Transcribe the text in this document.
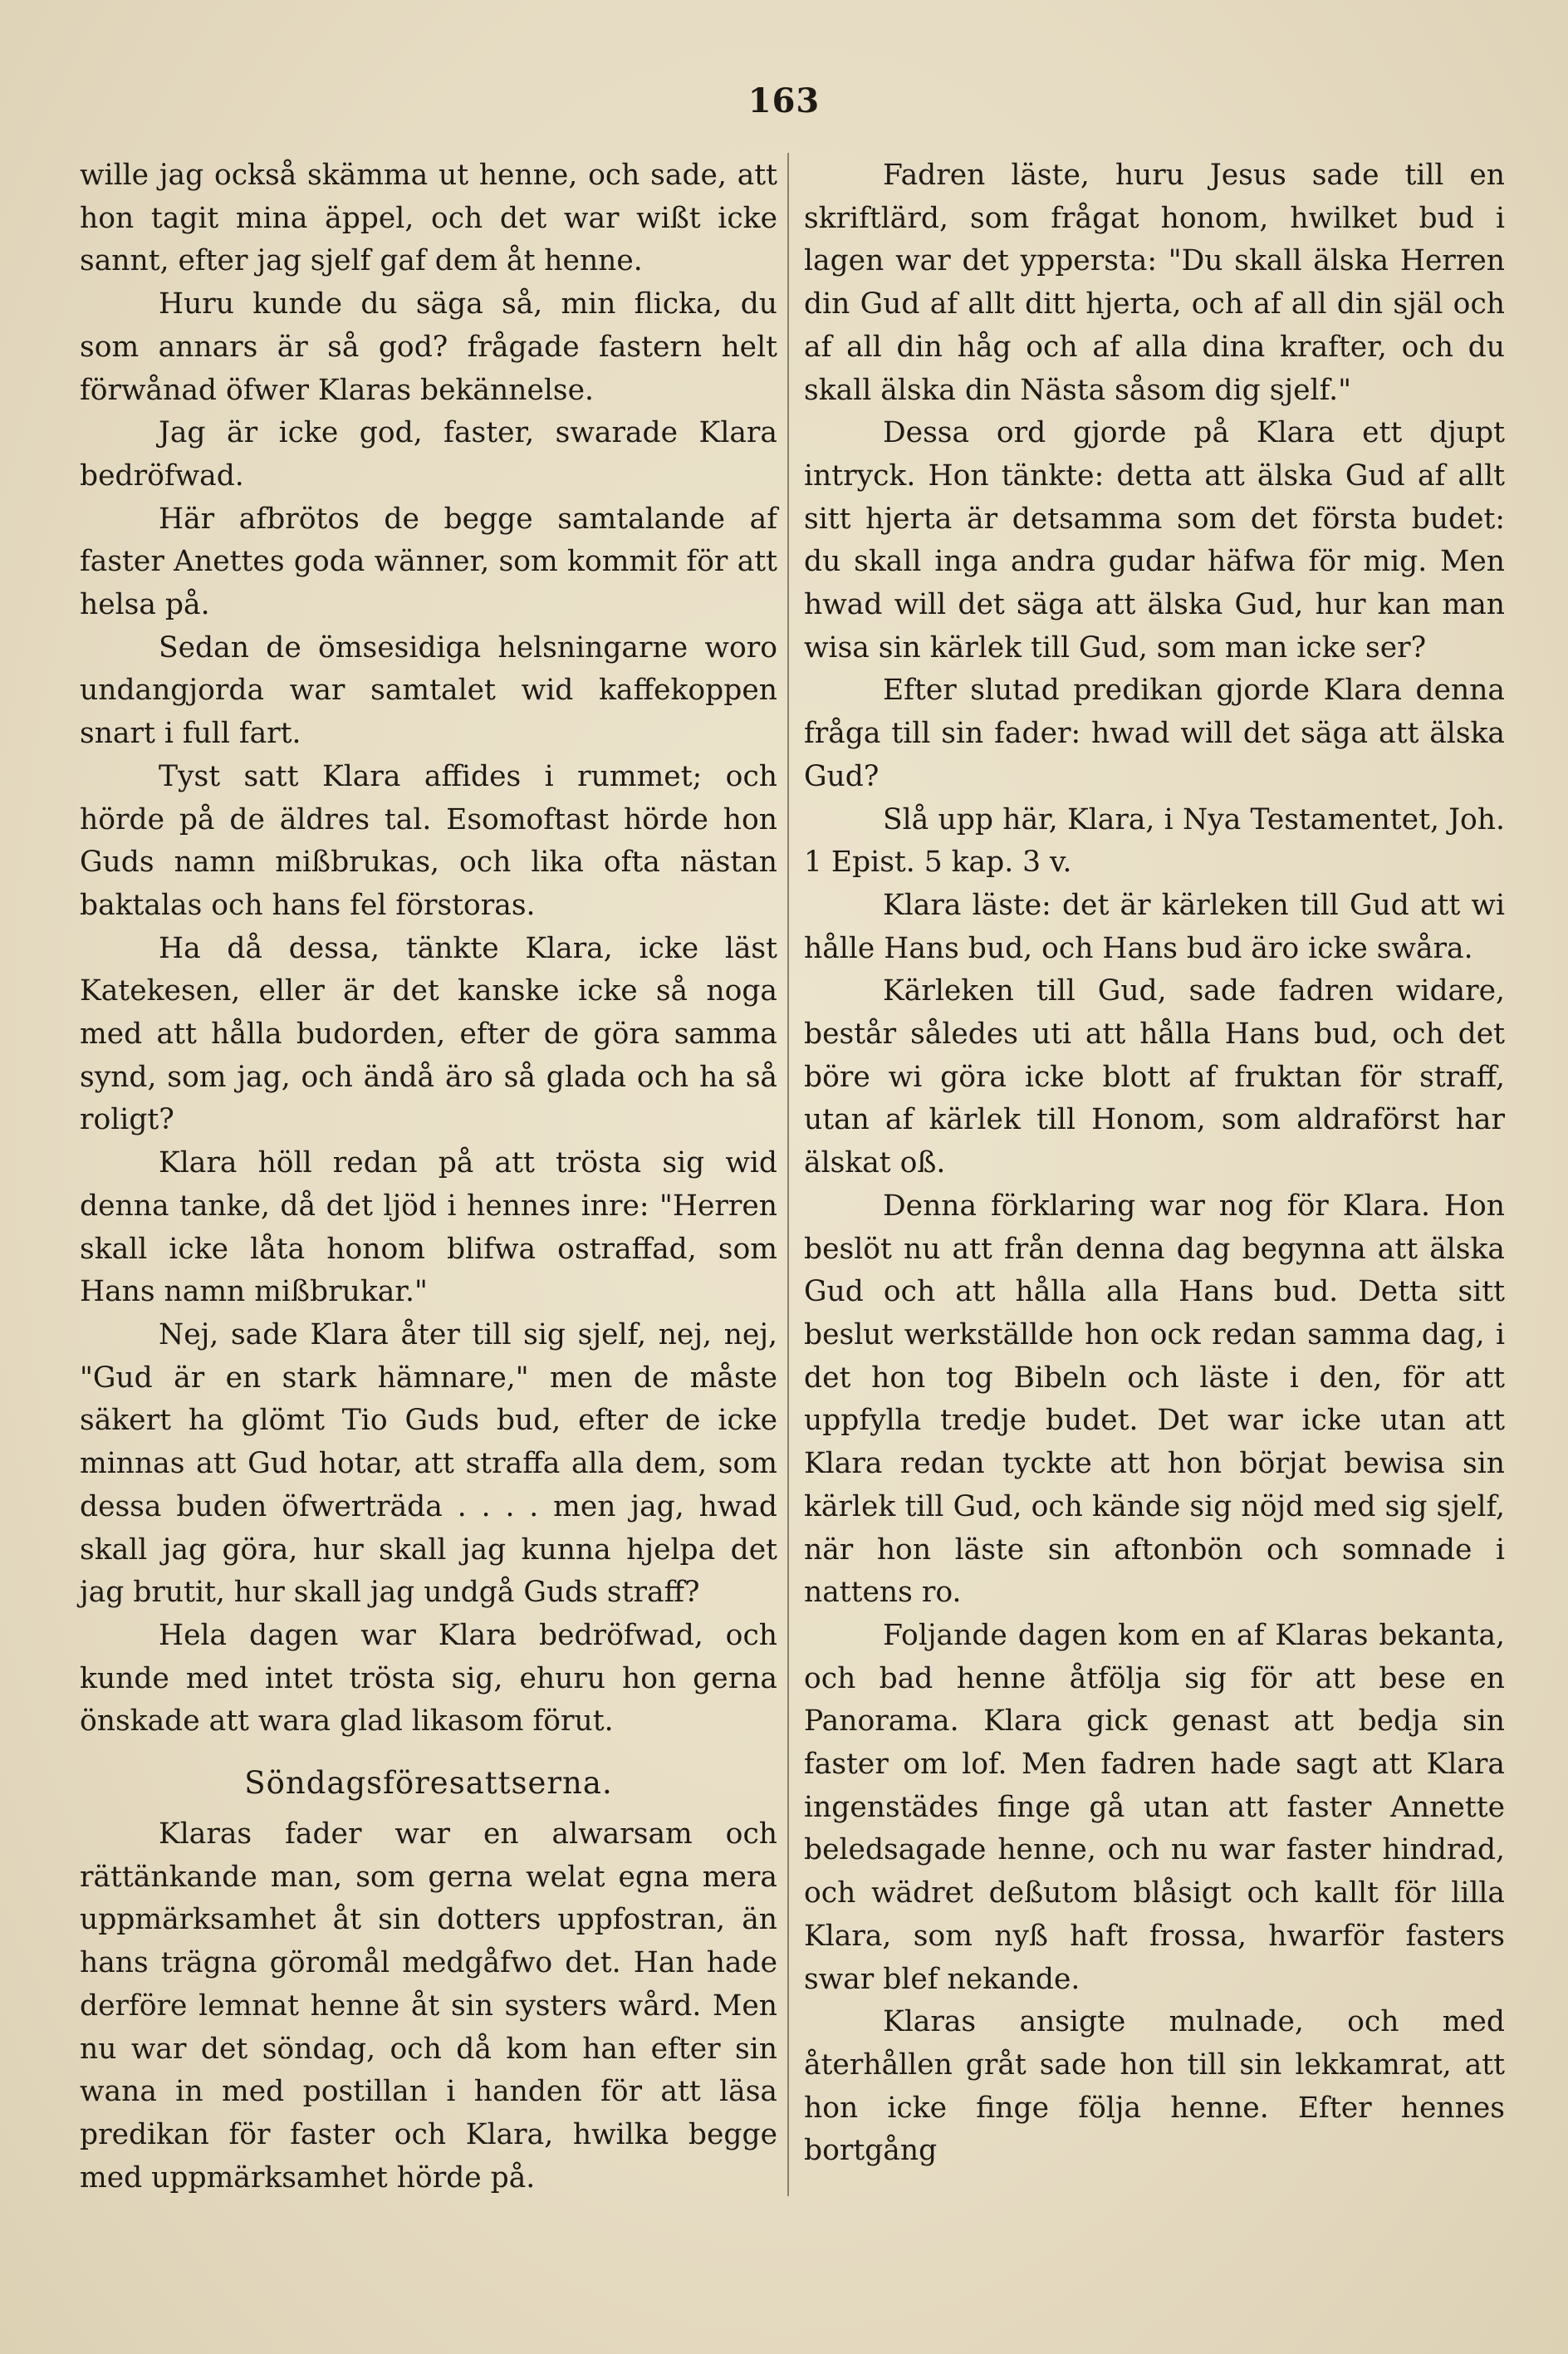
163

wille jag också skämma ut henne, och sade, att hon tagit mina äppel, och det war wißt icke sannt, efter jag sjelf gaf dem åt henne.

Huru kunde du säga så, min flicka, du som annars är så god? frågade fastern helt förwånad öfwer Klaras bekännelse.

Jag är icke god, faster, swarade Klara bedröfwad.

Här afbrötos de begge samtalande af faster Anettes goda wänner, som kommit för att helsa på.

Sedan de ömsesidiga helsningarne woro undangjorda war samtalet wid kaffekoppen snart i full fart.

Tyst satt Klara affides i rummet; och hörde på de äldres tal. Esomoftast hörde hon Guds namn mißbrukas, och lika ofta nästan baktalas och hans fel förstoras.

Ha då dessa, tänkte Klara, icke läst Katekesen, eller är det kanske icke så noga med att hålla budorden, efter de göra samma synd, som jag, och ändå äro så glada och ha så roligt?

Klara höll redan på att trösta sig wid denna tanke, då det ljöd i hennes inre: "Herren skall icke låta honom blifwa ostraffad, som Hans namn mißbrukar."

Nej, sade Klara åter till sig sjelf, nej, nej, "Gud är en stark hämnare," men de måste säkert ha glömt Tio Guds bud, efter de icke minnas att Gud hotar, att straffa alla dem, som dessa buden öfwerträda . . . . men jag, hwad skall jag göra, hur skall jag kunna hjelpa det jag brutit, hur skall jag undgå Guds straff?

Hela dagen war Klara bedröfwad, och kunde med intet trösta sig, ehuru hon gerna önskade att wara glad likasom förut.

Söndagsföresattserna.

Klaras fader war en alwarsam och rättänkande man, som gerna welat egna mera uppmärksamhet åt sin dotters uppfostran, än hans trägna göromål medgåfwo det. Han hade derföre lemnat henne åt sin systers wård. Men nu war det söndag, och då kom han efter sin wana in med postillan i handen för att läsa predikan för faster och Klara, hwilka begge med uppmärksamhet hörde på.

Fadren läste, huru Jesus sade till en skriftlärd, som frågat honom, hwilket bud i lagen war det yppersta: "Du skall älska Herren din Gud af allt ditt hjerta, och af all din själ och af all din håg och af alla dina krafter, och du skall älska din Nästa såsom dig sjelf."

Dessa ord gjorde på Klara ett djupt intryck. Hon tänkte: detta att älska Gud af allt sitt hjerta är detsamma som det första budet: du skall inga andra gudar häfwa för mig. Men hwad will det säga att älska Gud, hur kan man wisa sin kärlek till Gud, som man icke ser?

Efter slutad predikan gjorde Klara denna fråga till sin fader: hwad will det säga att älska Gud?

Slå upp här, Klara, i Nya Testamentet, Joh. 1 Epist. 5 kap. 3 v.

Klara läste: det är kärleken till Gud att wi hålle Hans bud, och Hans bud äro icke swåra.

Kärleken till Gud, sade fadren widare, består således uti att hålla Hans bud, och det böre wi göra icke blott af fruktan för straff, utan af kärlek till Honom, som aldraförst har älskat oß.

Denna förklaring war nog för Klara. Hon beslöt nu att från denna dag begynna att älska Gud och att hålla alla Hans bud. Detta sitt beslut werkställde hon ock redan samma dag, i det hon tog Bibeln och läste i den, för att uppfylla tredje budet. Det war icke utan att Klara redan tyckte att hon börjat bewisa sin kärlek till Gud, och kände sig nöjd med sig sjelf, när hon läste sin aftonbön och somnade i nattens ro.

Foljande dagen kom en af Klaras bekanta, och bad henne åtfölja sig för att bese en Panorama. Klara gick genast att bedja sin faster om lof. Men fadren hade sagt att Klara ingenstädes finge gå utan att faster Annette beledsagade henne, och nu war faster hindrad, och wädret deßutom blåsigt och kallt för lilla Klara, som nyß haft frossa, hwarför fasters swar blef nekande.

Klaras ansigte mulnade, och med återhållen gråt sade hon till sin lekkamrat, att hon icke finge följa henne. Efter hennes bortgång
